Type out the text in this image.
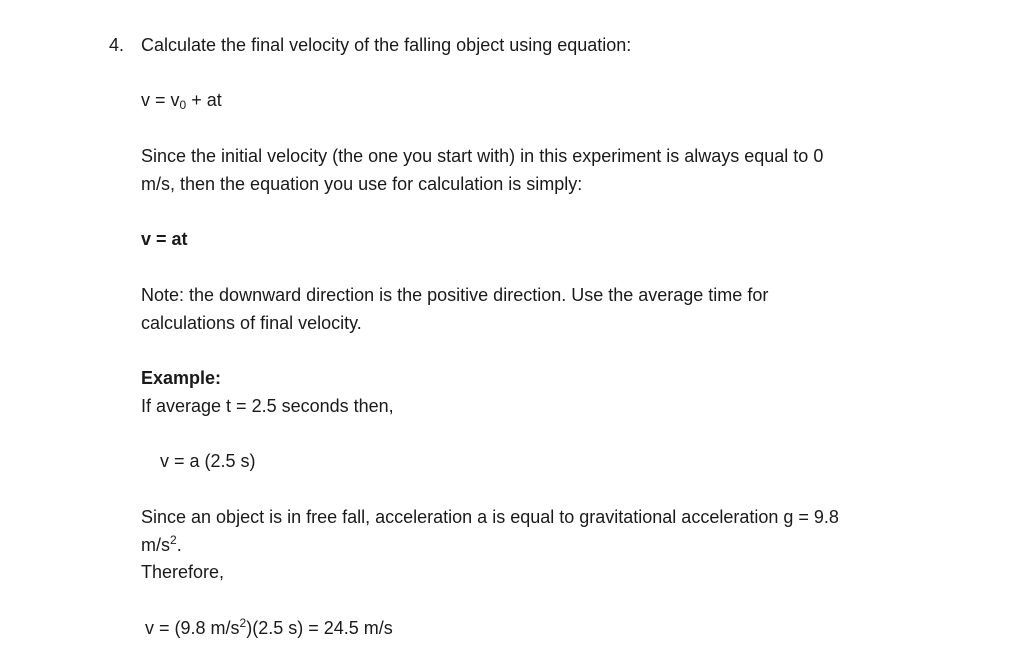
4. Calculate the final velocity of the falling object using equation:
$v = v_0$ + at
Since the initial velocity (the one you start with) in this experiment is always equal to 0
m/s, then the equation you use for calculation is simply:
v = at
Note: the downward direction is the positive direction. Use the average time for
calculations of final velocity.
Example:
If average t = 2.5 seconds then,
v = a (2.5 s)
Since an object is in free fall, acceleration a is equal to gravitational acceleration g = 9.8
$m/s^2$.
Therefore,
v = (9.8 $m/s^2)(2.5$ s) = 24.5 m/s
